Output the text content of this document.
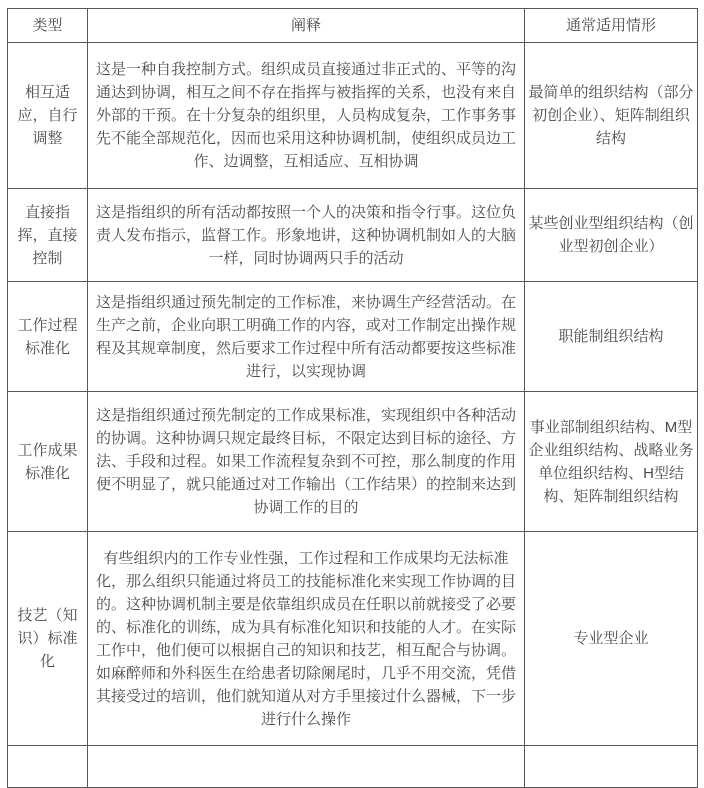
类型	阐释	通常适用情形
相互适应，自行调整	这是一种自我控制方式。组织成员直接通过非正式的、平等的沟通达到协调，相互之间不存在指挥与被指挥的关系，也没有来自外部的干预。在十分复杂的组织里，人员构成复杂，工作事务事先不能全部规范化，因而也采用这种协调机制，使组织成员边工作、边调整，互相适应、互相协调	最简单的组织结构（部分初创企业）、矩阵制组织结构
直接指挥，直接控制	这是指组织的所有活动都按照一个人的决策和指令行事。这位负责人发布指示，监督工作。形象地讲，这种协调机制如人的大脑一样，同时协调两只手的活动	某些创业型组织结构（创业型初创企业）
工作过程标准化	这是指组织通过预先制定的工作标准，来协调生产经营活动。在生产之前，企业向职工明确工作的内容，或对工作制定出操作规程及其规章制度，然后要求工作过程中所有活动都要按这些标准进行，以实现协调	职能制组织结构
工作成果标准化	这是指组织通过预先制定的工作成果标准，实现组织中各种活动的协调。这种协调只规定最终目标，不限定达到目标的途径、方法、手段和过程。如果工作流程复杂到不可控，那么制度的作用便不明显了，就只能通过对工作输出（工作结果）的控制来达到协调工作的目的	事业部制组织结构、M型企业组织结构、战略业务单位组织结构、H型结构、矩阵制组织结构
技艺（知识）标准化	有些组织内的工作专业性强，工作过程和工作成果均无法标准化，那么组织只能通过将员工的技能标准化来实现工作协调的目的。这种协调机制主要是依靠组织成员在任职以前就接受了必要的、标准化的训练，成为具有标准化知识和技能的人才。在实际工作中，他们便可以根据自己的知识和技艺，相互配合与协调。如麻醉师和外科医生在给患者切除阑尾时，几乎不用交流，凭借其接受过的培训，他们就知道从对方手里接过什么器械，下一步进行什么操作	专业型企业
